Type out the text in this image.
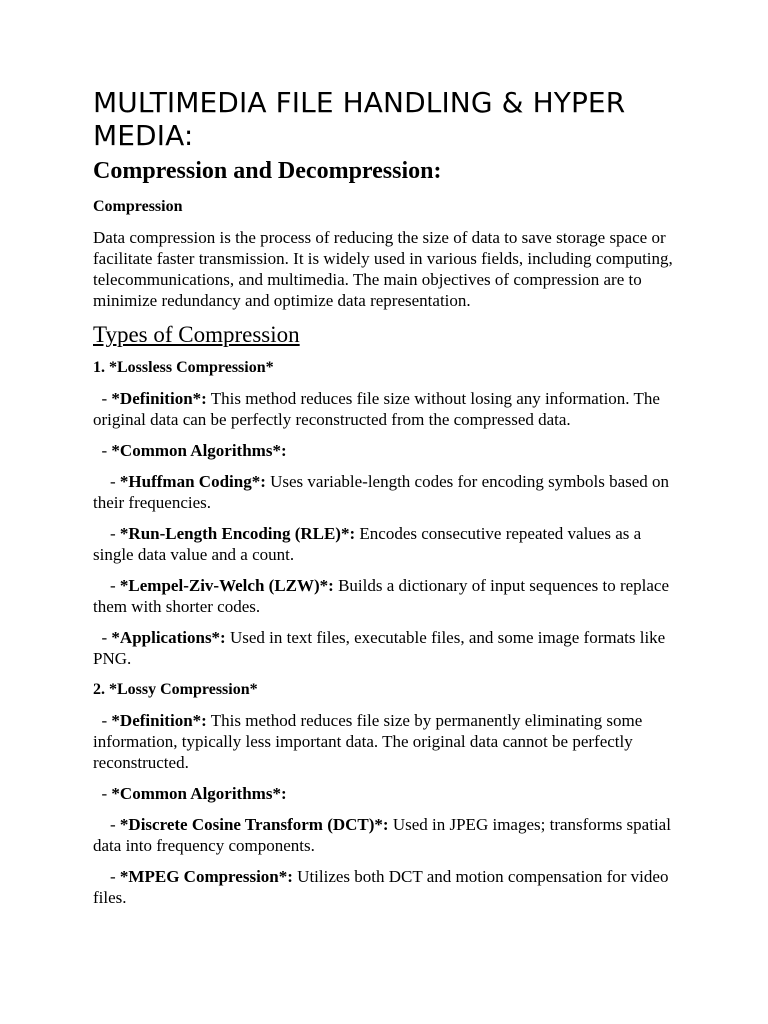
MULTIMEDIA FILE HANDLING & HYPER MEDIA:
Compression and Decompression:
Compression

Data compression is the process of reducing the size of data to save storage space or facilitate faster transmission. It is widely used in various fields, including computing, telecommunications, and multimedia. The main objectives of compression are to minimize redundancy and optimize data representation.

Types of Compression
1. *Lossless Compression*

- *Definition*: This method reduces file size without losing any information. The original data can be perfectly reconstructed from the compressed data.

- *Common Algorithms*:

- *Huffman Coding*: Uses variable-length codes for encoding symbols based on their frequencies.

- *Run-Length Encoding (RLE)*: Encodes consecutive repeated values as a single data value and a count.

- *Lempel-Ziv-Welch (LZW)*: Builds a dictionary of input sequences to replace them with shorter codes.

- *Applications*: Used in text files, executable files, and some image formats like PNG.

2. *Lossy Compression*

- *Definition*: This method reduces file size by permanently eliminating some information, typically less important data. The original data cannot be perfectly reconstructed.

- *Common Algorithms*:

- *Discrete Cosine Transform (DCT)*: Used in JPEG images; transforms spatial data into frequency components.

- *MPEG Compression*: Utilizes both DCT and motion compensation for video files.
